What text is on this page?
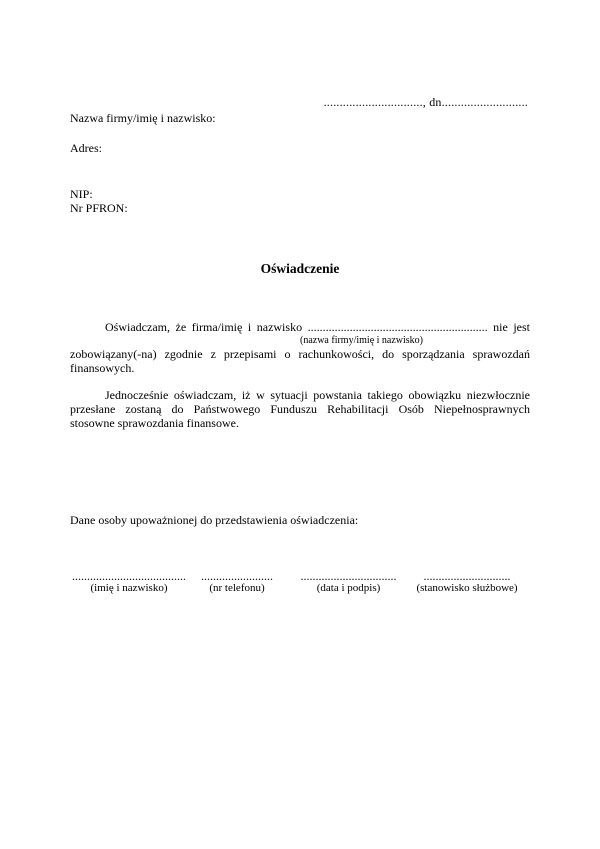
..............................., dn...........................
Nazwa firmy/imię i nazwisko:
Adres:
NIP:
Nr PFRON:
Oświadczenie
Oświadczam, że firma/imię i nazwisko ............................................................ nie jest
(nazwa firmy/imię i nazwisko)
zobowiązany(-na) zgodnie z przepisami o rachunkowości, do sporządzania sprawozdań
finansowych.
Jednocześnie oświadczam, iż w sytuacji powstania takiego obowiązku niezwłocznie
przesłane zostaną do Państwowego Funduszu Rehabilitacji Osób Niepełnosprawnych
stosowne sprawozdania finansowe.
Dane osoby upoważnionej do przedstawienia oświadczenia:
......................................
(imię i nazwisko)
........................
(nr telefonu)
................................
(data i podpis)
.............................
(stanowisko służbowe)
